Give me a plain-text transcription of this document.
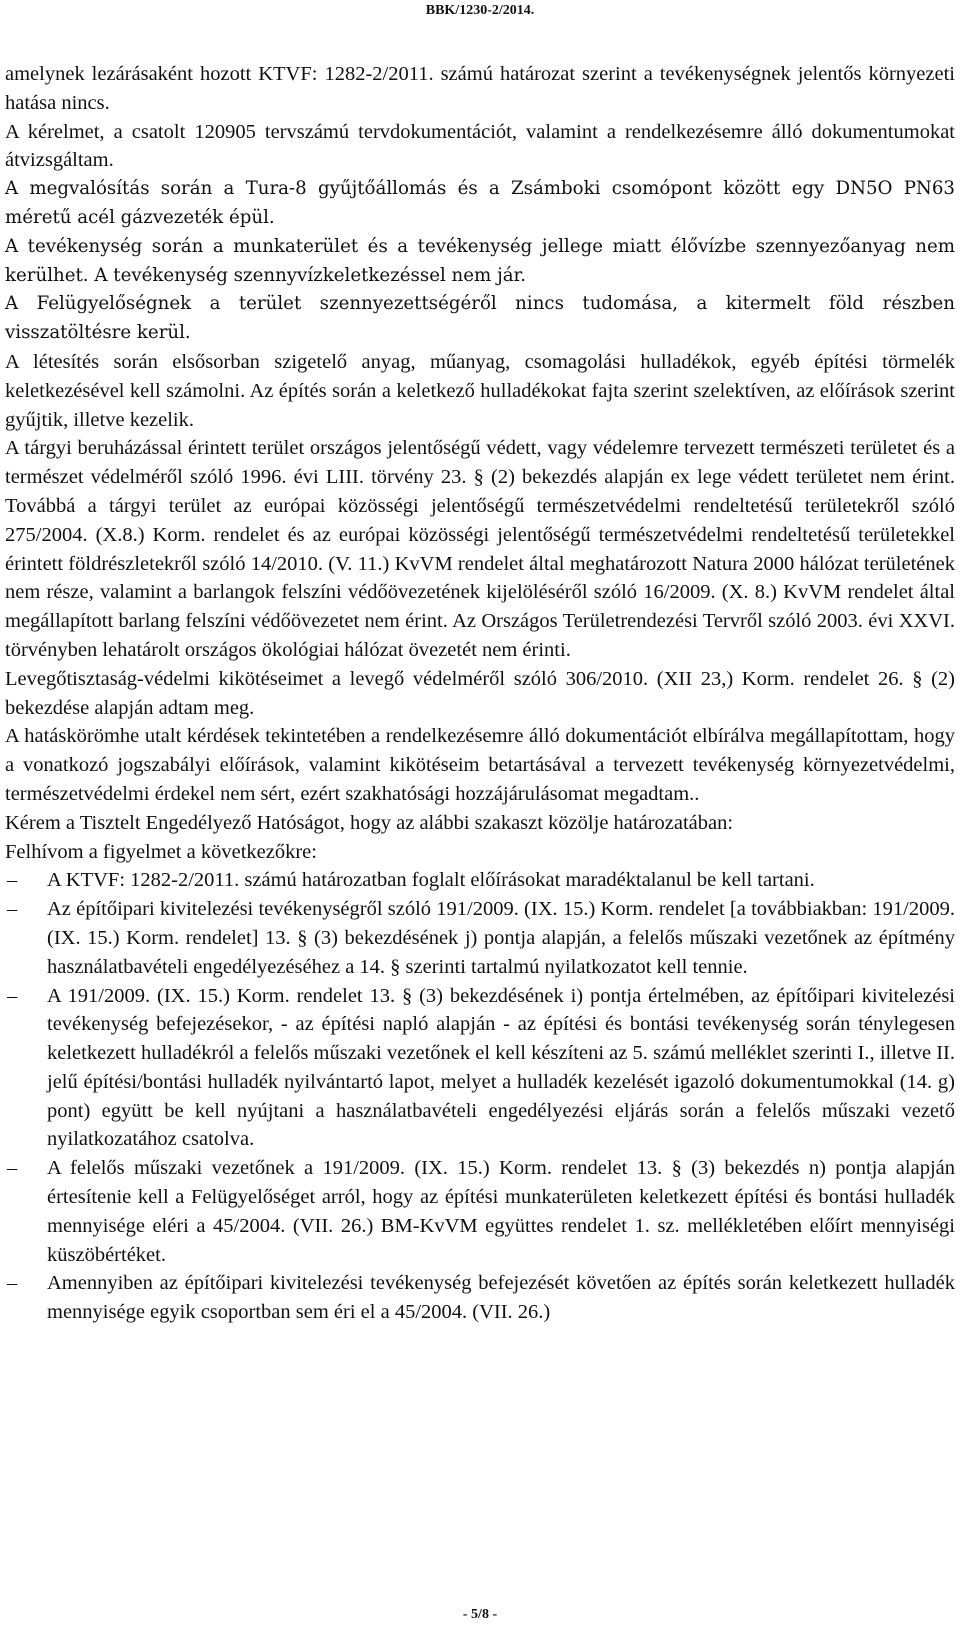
BBK/1230-2/2014.

amelynek lezárásaként hozott KTVF: 1282-2/2011. számú határozat szerint a tevékenységnek jelentős környezeti hatása nincs.

A kérelmet, a csatolt 120905 tervszámú tervdokumentációt, valamint a rendelkezésemre álló dokumentumokat átvizsgáltam.

A megvalósítás során a Tura-8 gyűjtőállomás és a Zsámboki csomópont között egy DN5O PN63 méretű acél gázvezeték épül.

A tevékenység során a munkaterület és a tevékenység jellege miatt élővízbe szennyezőanyag nem kerülhet. A tevékenység szennyvízkeletkezéssel nem jár.

A Felügyelőségnek a terület szennyezettségéről nincs tudomása, a kitermelt föld részben visszatöltésre kerül.

A létesítés során elsősorban szigetelő anyag, műanyag, csomagolási hulladékok, egyéb építési törmelék keletkezésével kell számolni. Az építés során a keletkező hulladékokat fajta szerint szelektíven, az előírások szerint gyűjtik, illetve kezelik.

A tárgyi beruházással érintett terület országos jelentőségű védett, vagy védelemre tervezett természeti területet és a természet védelméről szóló 1996. évi LIII. törvény 23. § (2) bekezdés alapján ex lege védett területet nem érint. Továbbá a tárgyi terület az európai közösségi jelentőségű természetvédelmi rendeltetésű területekről szóló 275/2004. (X.8.) Korm. rendelet és az európai közösségi jelentőségű természetvédelmi rendeltetésű területekkel érintett földrészletekről szóló 14/2010. (V. 11.) KvVM rendelet által meghatározott Natura 2000 hálózat területének nem része, valamint a barlangok felszíni védőövezetének kijelöléséről szóló 16/2009. (X. 8.) KvVM rendelet által megállapított barlang felszíni védőövezetet nem érint. Az Országos Területrendezési Tervről szóló 2003. évi XXVI. törvényben lehatárolt országos ökológiai hálózat övezetét nem érinti.

Levegőtisztaság-védelmi kikötéseimet a levegő védelméről szóló 306/2010. (XII 23,) Korm. rendelet 26. § (2) bekezdése alapján adtam meg.

A hatáskörömhe utalt kérdések tekintetében a rendelkezésemre álló dokumentációt elbírálva megállapítottam, hogy a vonatkozó jogszabályi előírások, valamint kikötéseim betartásával a tervezett tevékenység környezetvédelmi, természetvédelmi érdekel nem sért, ezért szakhatósági hozzájárulásomat megadtam..

Kérem a Tisztelt Engedélyező Hatóságot, hogy az alábbi szakaszt közölje határozatában:

Felhívom a figyelmet a következőkre:

–	A KTVF: 1282-2/2011. számú határozatban foglalt előírásokat maradéktalanul be kell tartani.
–	Az építőipari kivitelezési tevékenységről szóló 191/2009. (IX. 15.) Korm. rendelet [a továbbiakban: 191/2009. (IX. 15.) Korm. rendelet] 13. § (3) bekezdésének j) pontja alapján, a felelős műszaki vezetőnek az építmény használatbavételi engedélyezéséhez a 14. § szerinti tartalmú nyilatkozatot kell tennie.
–	A 191/2009. (IX. 15.) Korm. rendelet 13. § (3) bekezdésének i) pontja értelmében, az építőipari kivitelezési tevékenység befejezésekor, - az építési napló alapján - az építési és bontási tevékenység során ténylegesen keletkezett hulladékról a felelős műszaki vezetőnek el kell készíteni az 5. számú melléklet szerinti I., illetve II. jelű építési/bontási hulladék nyilvántartó lapot, melyet a hulladék kezelését igazoló dokumentumokkal (14. g) pont) együtt be kell nyújtani a használatbavételi engedélyezési eljárás során a felelős műszaki vezető nyilatkozatához csatolva.
–	A felelős műszaki vezetőnek a 191/2009. (IX. 15.) Korm. rendelet 13. § (3) bekezdés n) pontja alapján értesítenie kell a Felügyelőséget arról, hogy az építési munkaterületen keletkezett építési és bontási hulladék mennyisége eléri a 45/2004. (VII. 26.) BM-KvVM együttes rendelet 1. sz. mellékletében előírt mennyiségi küszöbértéket.
–	Amennyiben az építőipari kivitelezési tevékenység befejezését követően az építés során keletkezett hulladék mennyisége egyik csoportban sem éri el a 45/2004. (VII. 26.)
- 5/8 -
